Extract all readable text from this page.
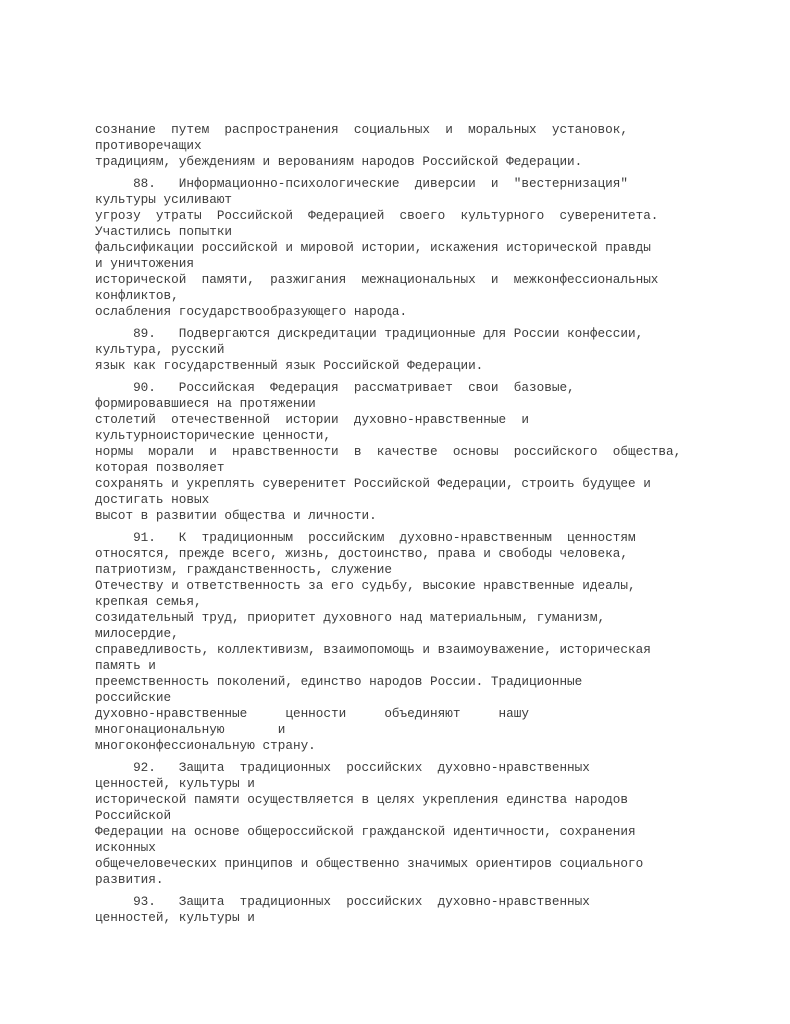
сознание  путем  распространения  социальных  и  моральных  установок,
противоречащих
традициям, убеждениям и верованиям народов Российской Федерации.
88.   Информационно-психологические  диверсии  и  "вестернизация"
культуры усиливают
угрозу  утраты  Российской  Федерацией  своего  культурного  суверенитета.
Участились попытки
фальсификации российской и мировой истории, искажения исторической правды
и уничтожения
исторической  памяти,  разжигания  межнациональных  и  межконфессиональных
конфликтов,
ослабления государствообразующего народа.
89.   Подвергаются дискредитации традиционные для России конфессии,
культура, русский
язык как государственный язык Российской Федерации.
90.   Российская  Федерация  рассматривает  свои  базовые,
формировавшиеся на протяжении
столетий  отечественной  истории  духовно-нравственные  и
культурноисторические ценности,
нормы  морали  и  нравственности  в  качестве  основы  российского  общества,
которая позволяет
сохранять и укреплять суверенитет Российской Федерации, строить будущее и
достигать новых
высот в развитии общества и личности.
91.   К  традиционным  российским  духовно-нравственным  ценностям
относятся, прежде всего, жизнь, достоинство, права и свободы человека,
патриотизм, гражданственность, служение
Отечеству и ответственность за его судьбу, высокие нравственные идеалы,
крепкая семья,
созидательный труд, приоритет духовного над материальным, гуманизм,
милосердие,
справедливость, коллективизм, взаимопомощь и взаимоуважение, историческая
память и
преемственность поколений, единство народов России. Традиционные
российские
духовно-нравственные     ценности     объединяют     нашу
многонациональную       и
многоконфессиональную страну.
92.   Защита  традиционных  российских  духовно-нравственных
ценностей, культуры и
исторической памяти осуществляется в целях укрепления единства народов
Российской
Федерации на основе общероссийской гражданской идентичности, сохранения
исконных
общечеловеческих принципов и общественно значимых ориентиров социального
развития.
93.   Защита  традиционных  российских  духовно-нравственных
ценностей, культуры и
